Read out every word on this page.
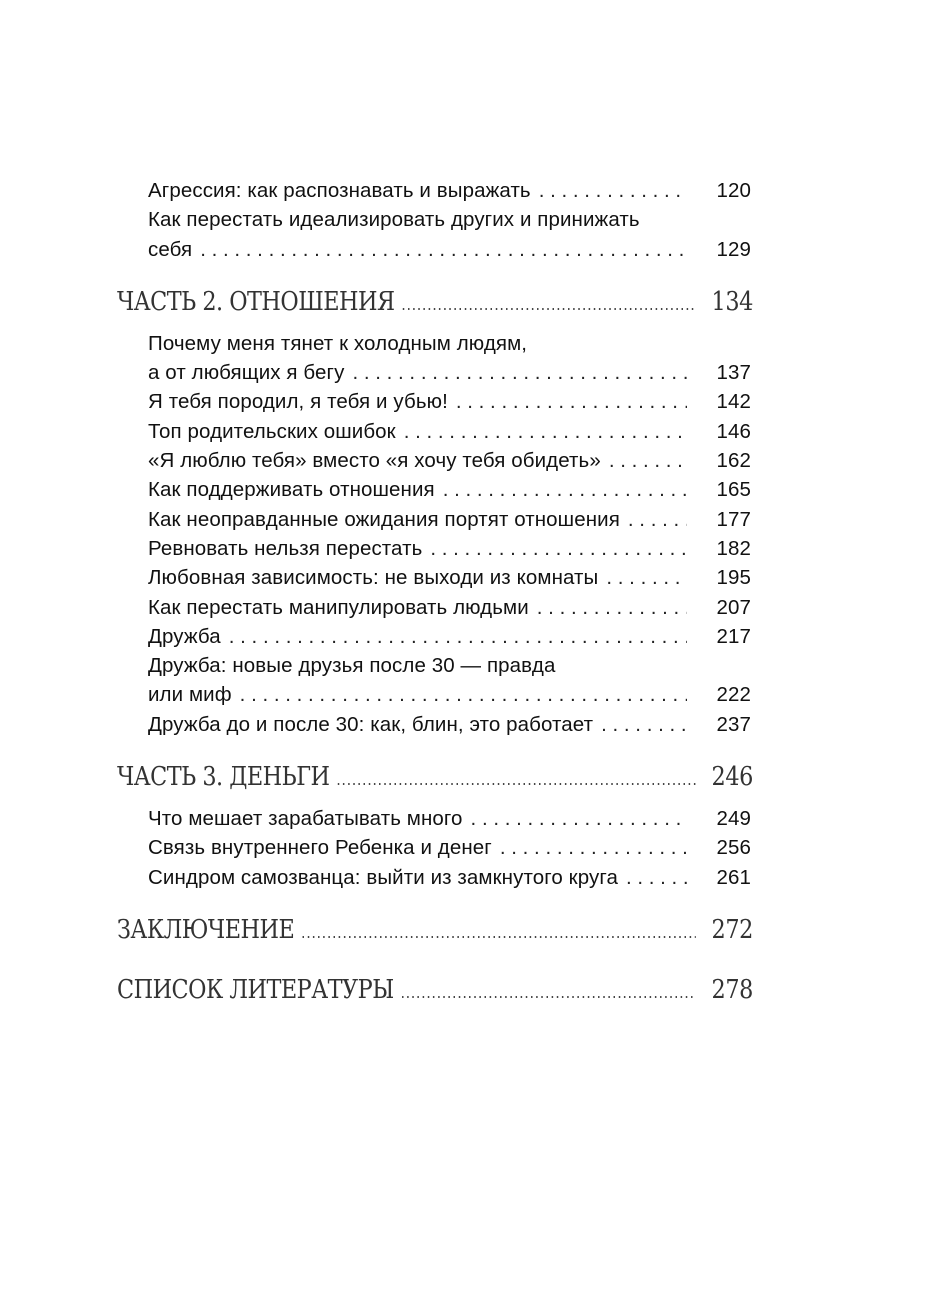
Агрессия: как распознавать и выражать . . .	120
Как перестать идеализировать других и принижать
себя . . .	129
ЧАСТЬ 2. ОТНОШЕНИЯ .....	134
Почему меня тянет к холодным людям,
а от любящих я бегу . . .	137
Я тебя породил, я тебя и убью! . . .	142
Топ родительских ошибок . . .	146
«Я люблю тебя» вместо «я хочу тебя обидеть» . . .	162
Как поддерживать отношения . . .	165
Как неоправданные ожидания портят отношения . . .	177
Ревновать нельзя перестать . . .	182
Любовная зависимость: не выходи из комнаты . . .	195
Как перестать манипулировать людьми . . .	207
Дружба . . .	217
Дружба: новые друзья после 30 — правда
или миф . . .	222
Дружба до и после 30: как, блин, это работает . . .	237
ЧАСТЬ 3. ДЕНЬГИ .....	246
Что мешает зарабатывать много . . .	249
Связь внутреннего Ребенка и денег . . .	256
Синдром самозванца: выйти из замкнутого круга . . .	261
ЗАКЛЮЧЕНИЕ .....	272
СПИСОК ЛИТЕРАТУРЫ .....	278
